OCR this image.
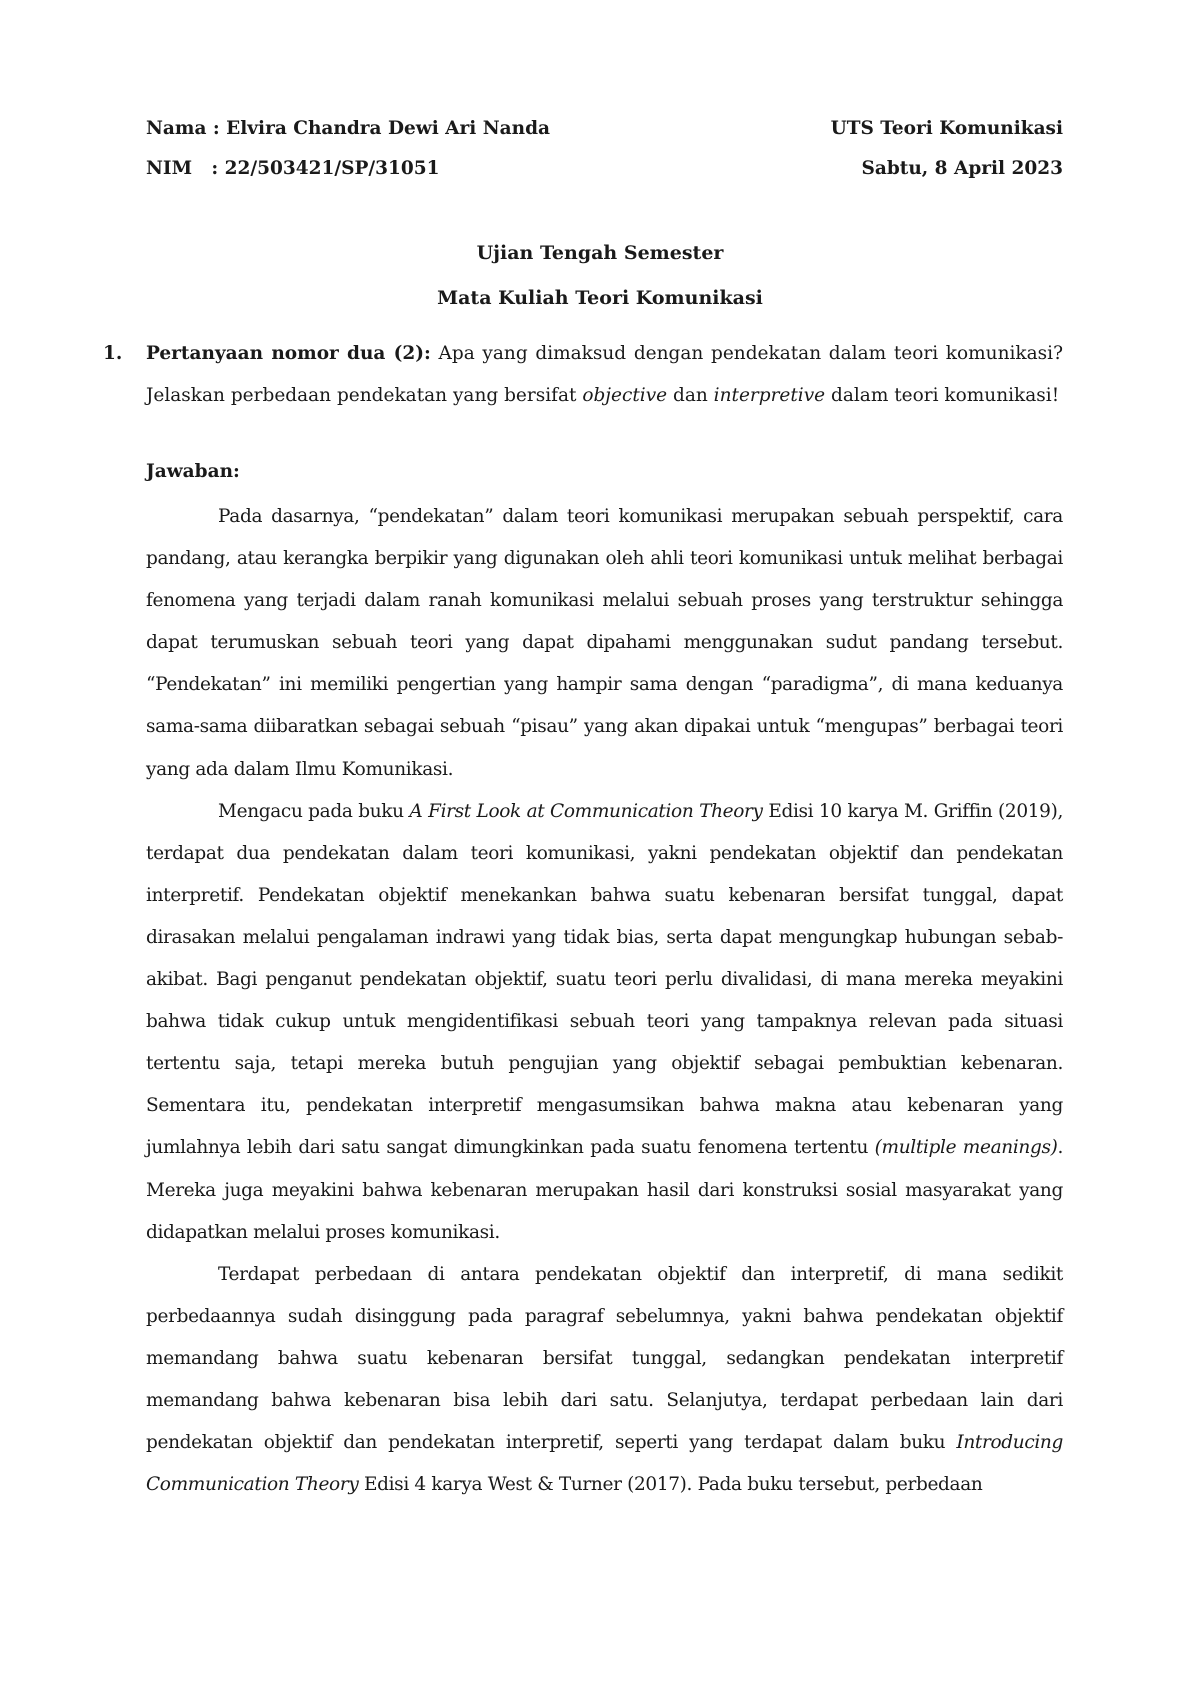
Nama : Elvira Chandra Dewi Ari Nanda	UTS Teori Komunikasi
NIM   : 22/503421/SP/31051	Sabtu, 8 April 2023
Ujian Tengah Semester
Mata Kuliah Teori Komunikasi
1. Pertanyaan nomor dua (2): Apa yang dimaksud dengan pendekatan dalam teori komunikasi? Jelaskan perbedaan pendekatan yang bersifat objective dan interpretive dalam teori komunikasi!
Jawaban:

Pada dasarnya, “pendekatan” dalam teori komunikasi merupakan sebuah perspektif, cara pandang, atau kerangka berpikir yang digunakan oleh ahli teori komunikasi untuk melihat berbagai fenomena yang terjadi dalam ranah komunikasi melalui sebuah proses yang terstruktur sehingga dapat terumuskan sebuah teori yang dapat dipahami menggunakan sudut pandang tersebut. “Pendekatan” ini memiliki pengertian yang hampir sama dengan “paradigma”, di mana keduanya sama-sama diibaratkan sebagai sebuah “pisau” yang akan dipakai untuk “mengupas” berbagai teori yang ada dalam Ilmu Komunikasi.

Mengacu pada buku A First Look at Communication Theory Edisi 10 karya M. Griffin (2019), terdapat dua pendekatan dalam teori komunikasi, yakni pendekatan objektif dan pendekatan interpretif. Pendekatan objektif menekankan bahwa suatu kebenaran bersifat tunggal, dapat dirasakan melalui pengalaman indrawi yang tidak bias, serta dapat mengungkap hubungan sebab-akibat. Bagi penganut pendekatan objektif, suatu teori perlu divalidasi, di mana mereka meyakini bahwa tidak cukup untuk mengidentifikasi sebuah teori yang tampaknya relevan pada situasi tertentu saja, tetapi mereka butuh pengujian yang objektif sebagai pembuktian kebenaran. Sementara itu, pendekatan interpretif mengasumsikan bahwa makna atau kebenaran yang jumlahnya lebih dari satu sangat dimungkinkan pada suatu fenomena tertentu (multiple meanings). Mereka juga meyakini bahwa kebenaran merupakan hasil dari konstruksi sosial masyarakat yang didapatkan melalui proses komunikasi.

Terdapat perbedaan di antara pendekatan objektif dan interpretif, di mana sedikit perbedaannya sudah disinggung pada paragraf sebelumnya, yakni bahwa pendekatan objektif memandang bahwa suatu kebenaran bersifat tunggal, sedangkan pendekatan interpretif memandang bahwa kebenaran bisa lebih dari satu. Selanjutya, terdapat perbedaan lain dari pendekatan objektif dan pendekatan interpretif, seperti yang terdapat dalam buku Introducing Communication Theory Edisi 4 karya West & Turner (2017). Pada buku tersebut, perbedaan
